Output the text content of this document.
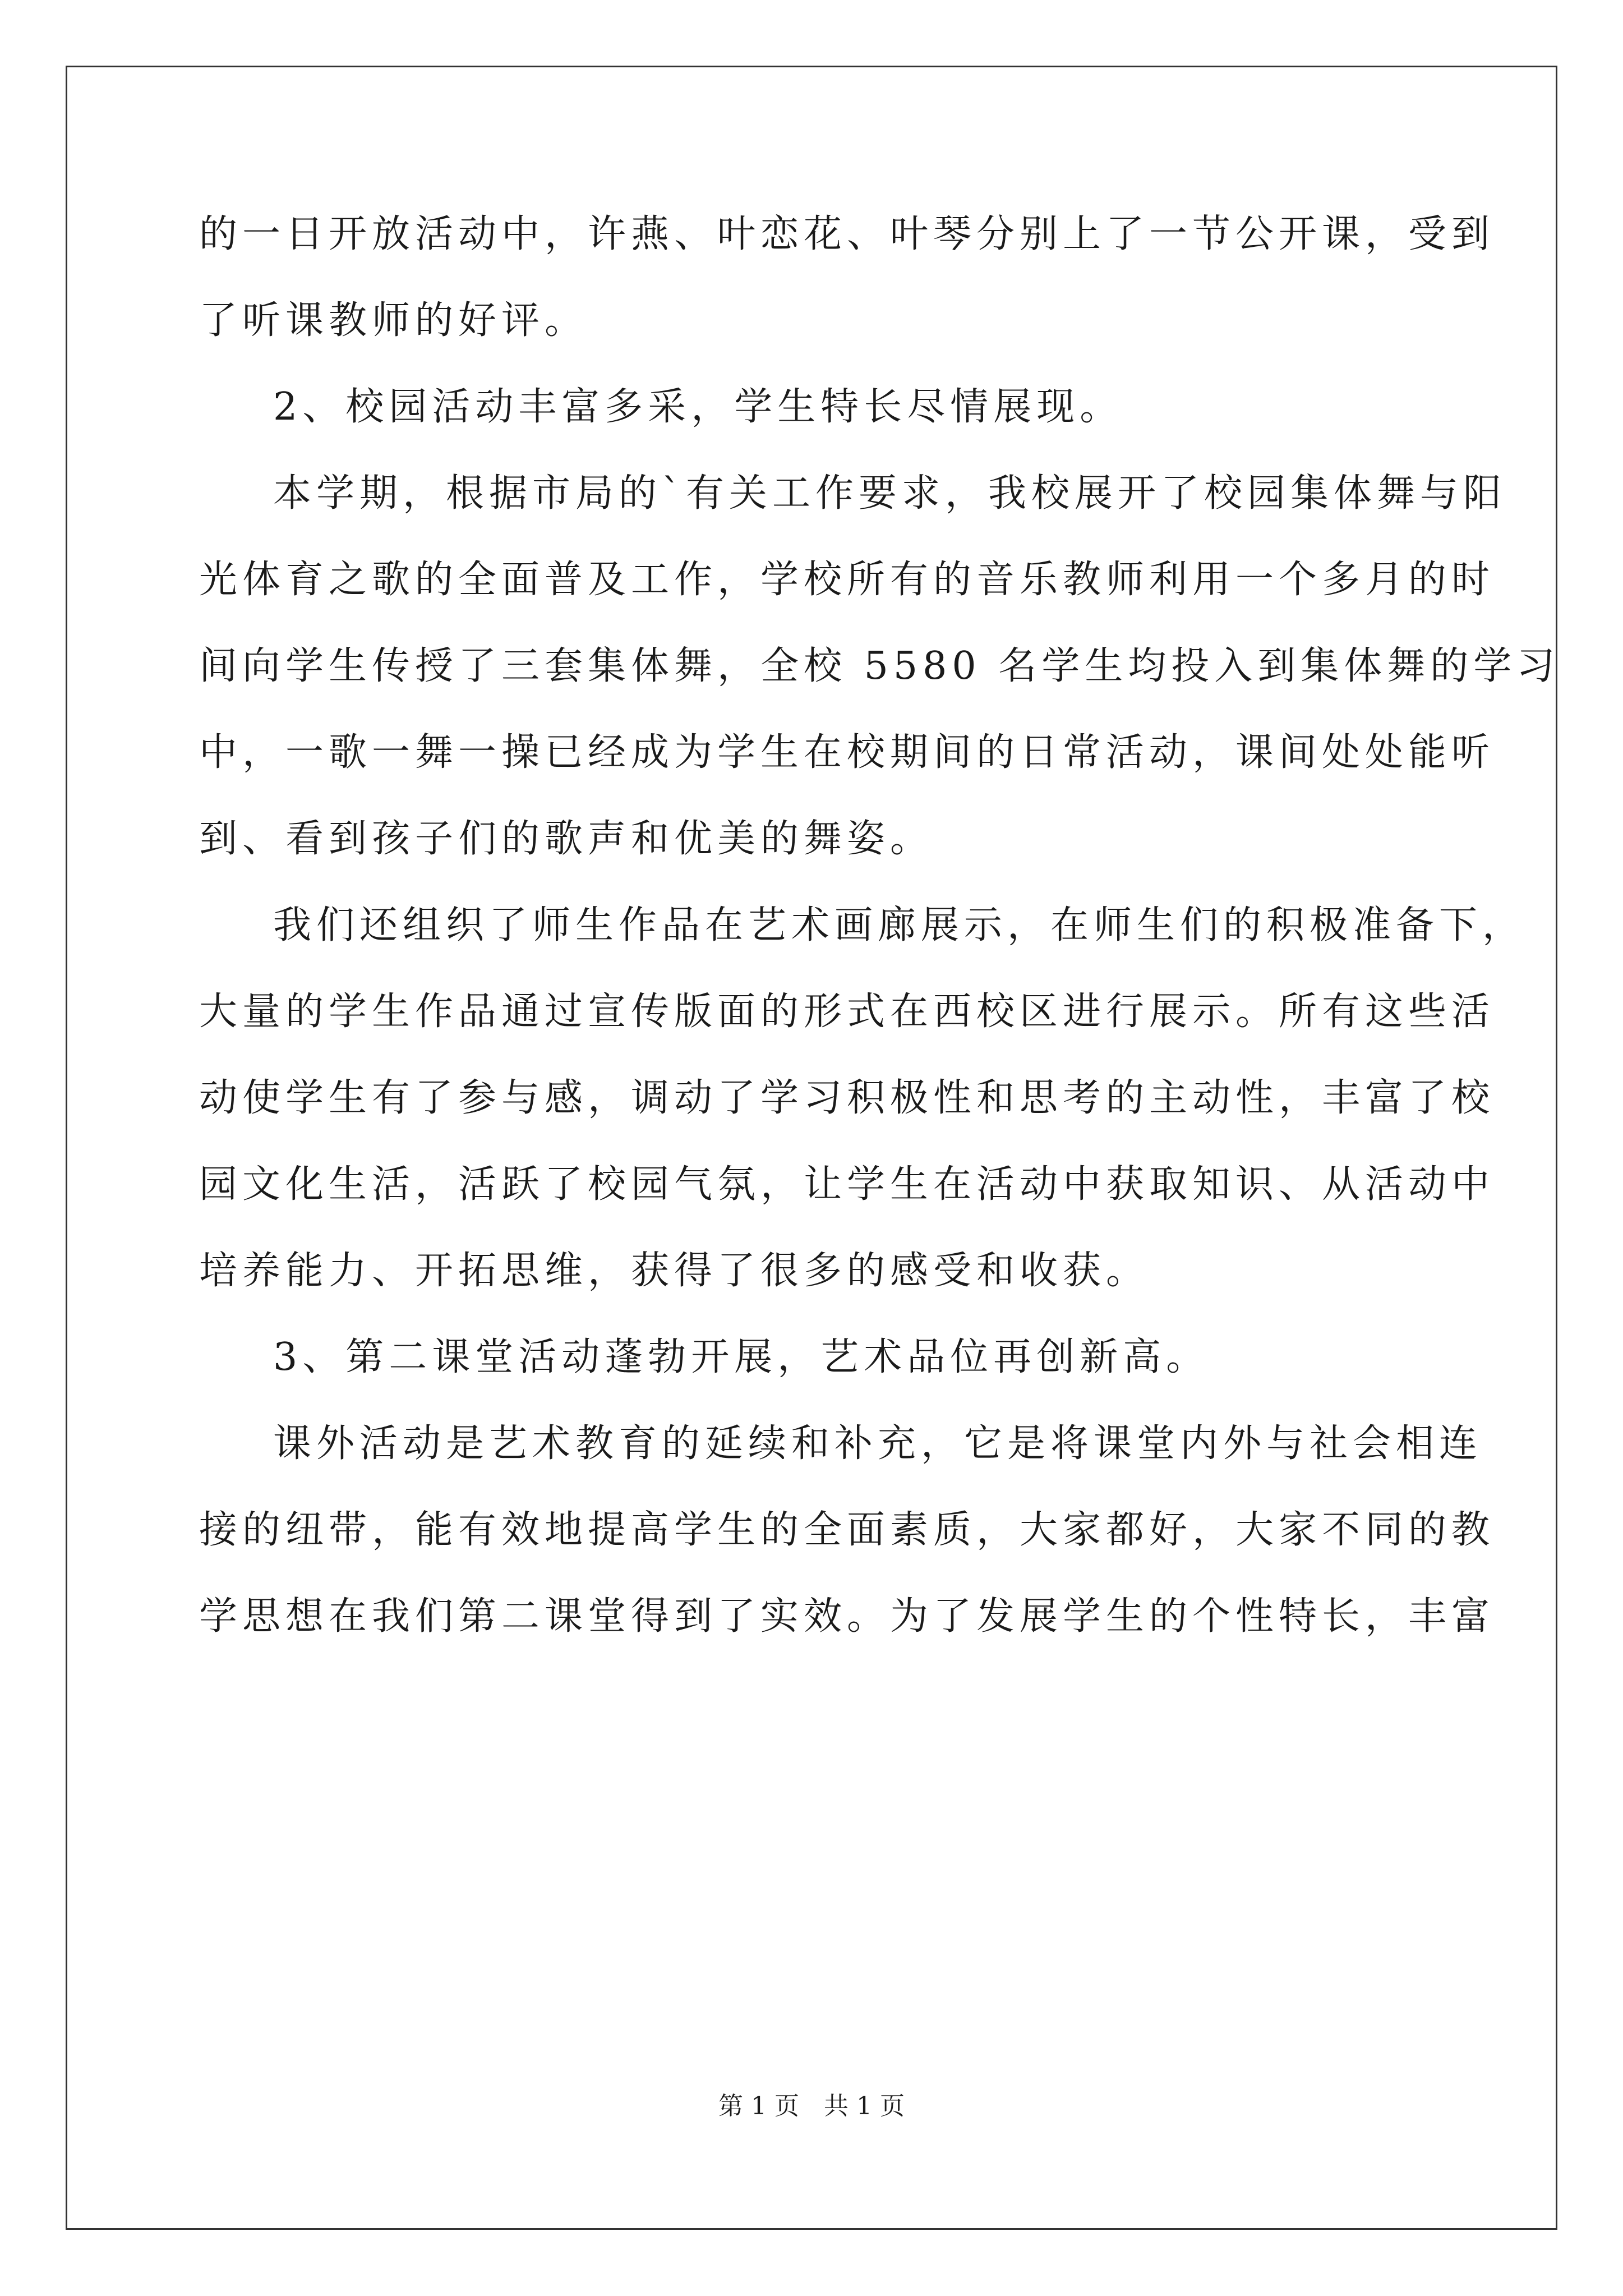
的一日开放活动中，许燕、叶恋花、叶琴分别上了一节公开课，受到
了听课教师的好评。
2、校园活动丰富多采，学生特长尽情展现。
本学期，根据市局的`有关工作要求，我校展开了校园集体舞与阳
光体育之歌的全面普及工作，学校所有的音乐教师利用一个多月的时
间向学生传授了三套集体舞，全校 5580 名学生均投入到集体舞的学习
中，一歌一舞一操已经成为学生在校期间的日常活动，课间处处能听
到、看到孩子们的歌声和优美的舞姿。
我们还组织了师生作品在艺术画廊展示，在师生们的积极准备下，
大量的学生作品通过宣传版面的形式在西校区进行展示。所有这些活
动使学生有了参与感，调动了学习积极性和思考的主动性，丰富了校
园文化生活，活跃了校园气氛，让学生在活动中获取知识、从活动中
培养能力、开拓思维，获得了很多的感受和收获。
3、第二课堂活动蓬勃开展，艺术品位再创新高。
课外活动是艺术教育的延续和补充，它是将课堂内外与社会相连
接的纽带，能有效地提高学生的全面素质，大家都好，大家不同的教
学思想在我们第二课堂得到了实效。为了发展学生的个性特长，丰富
第 1 页　共 1 页
